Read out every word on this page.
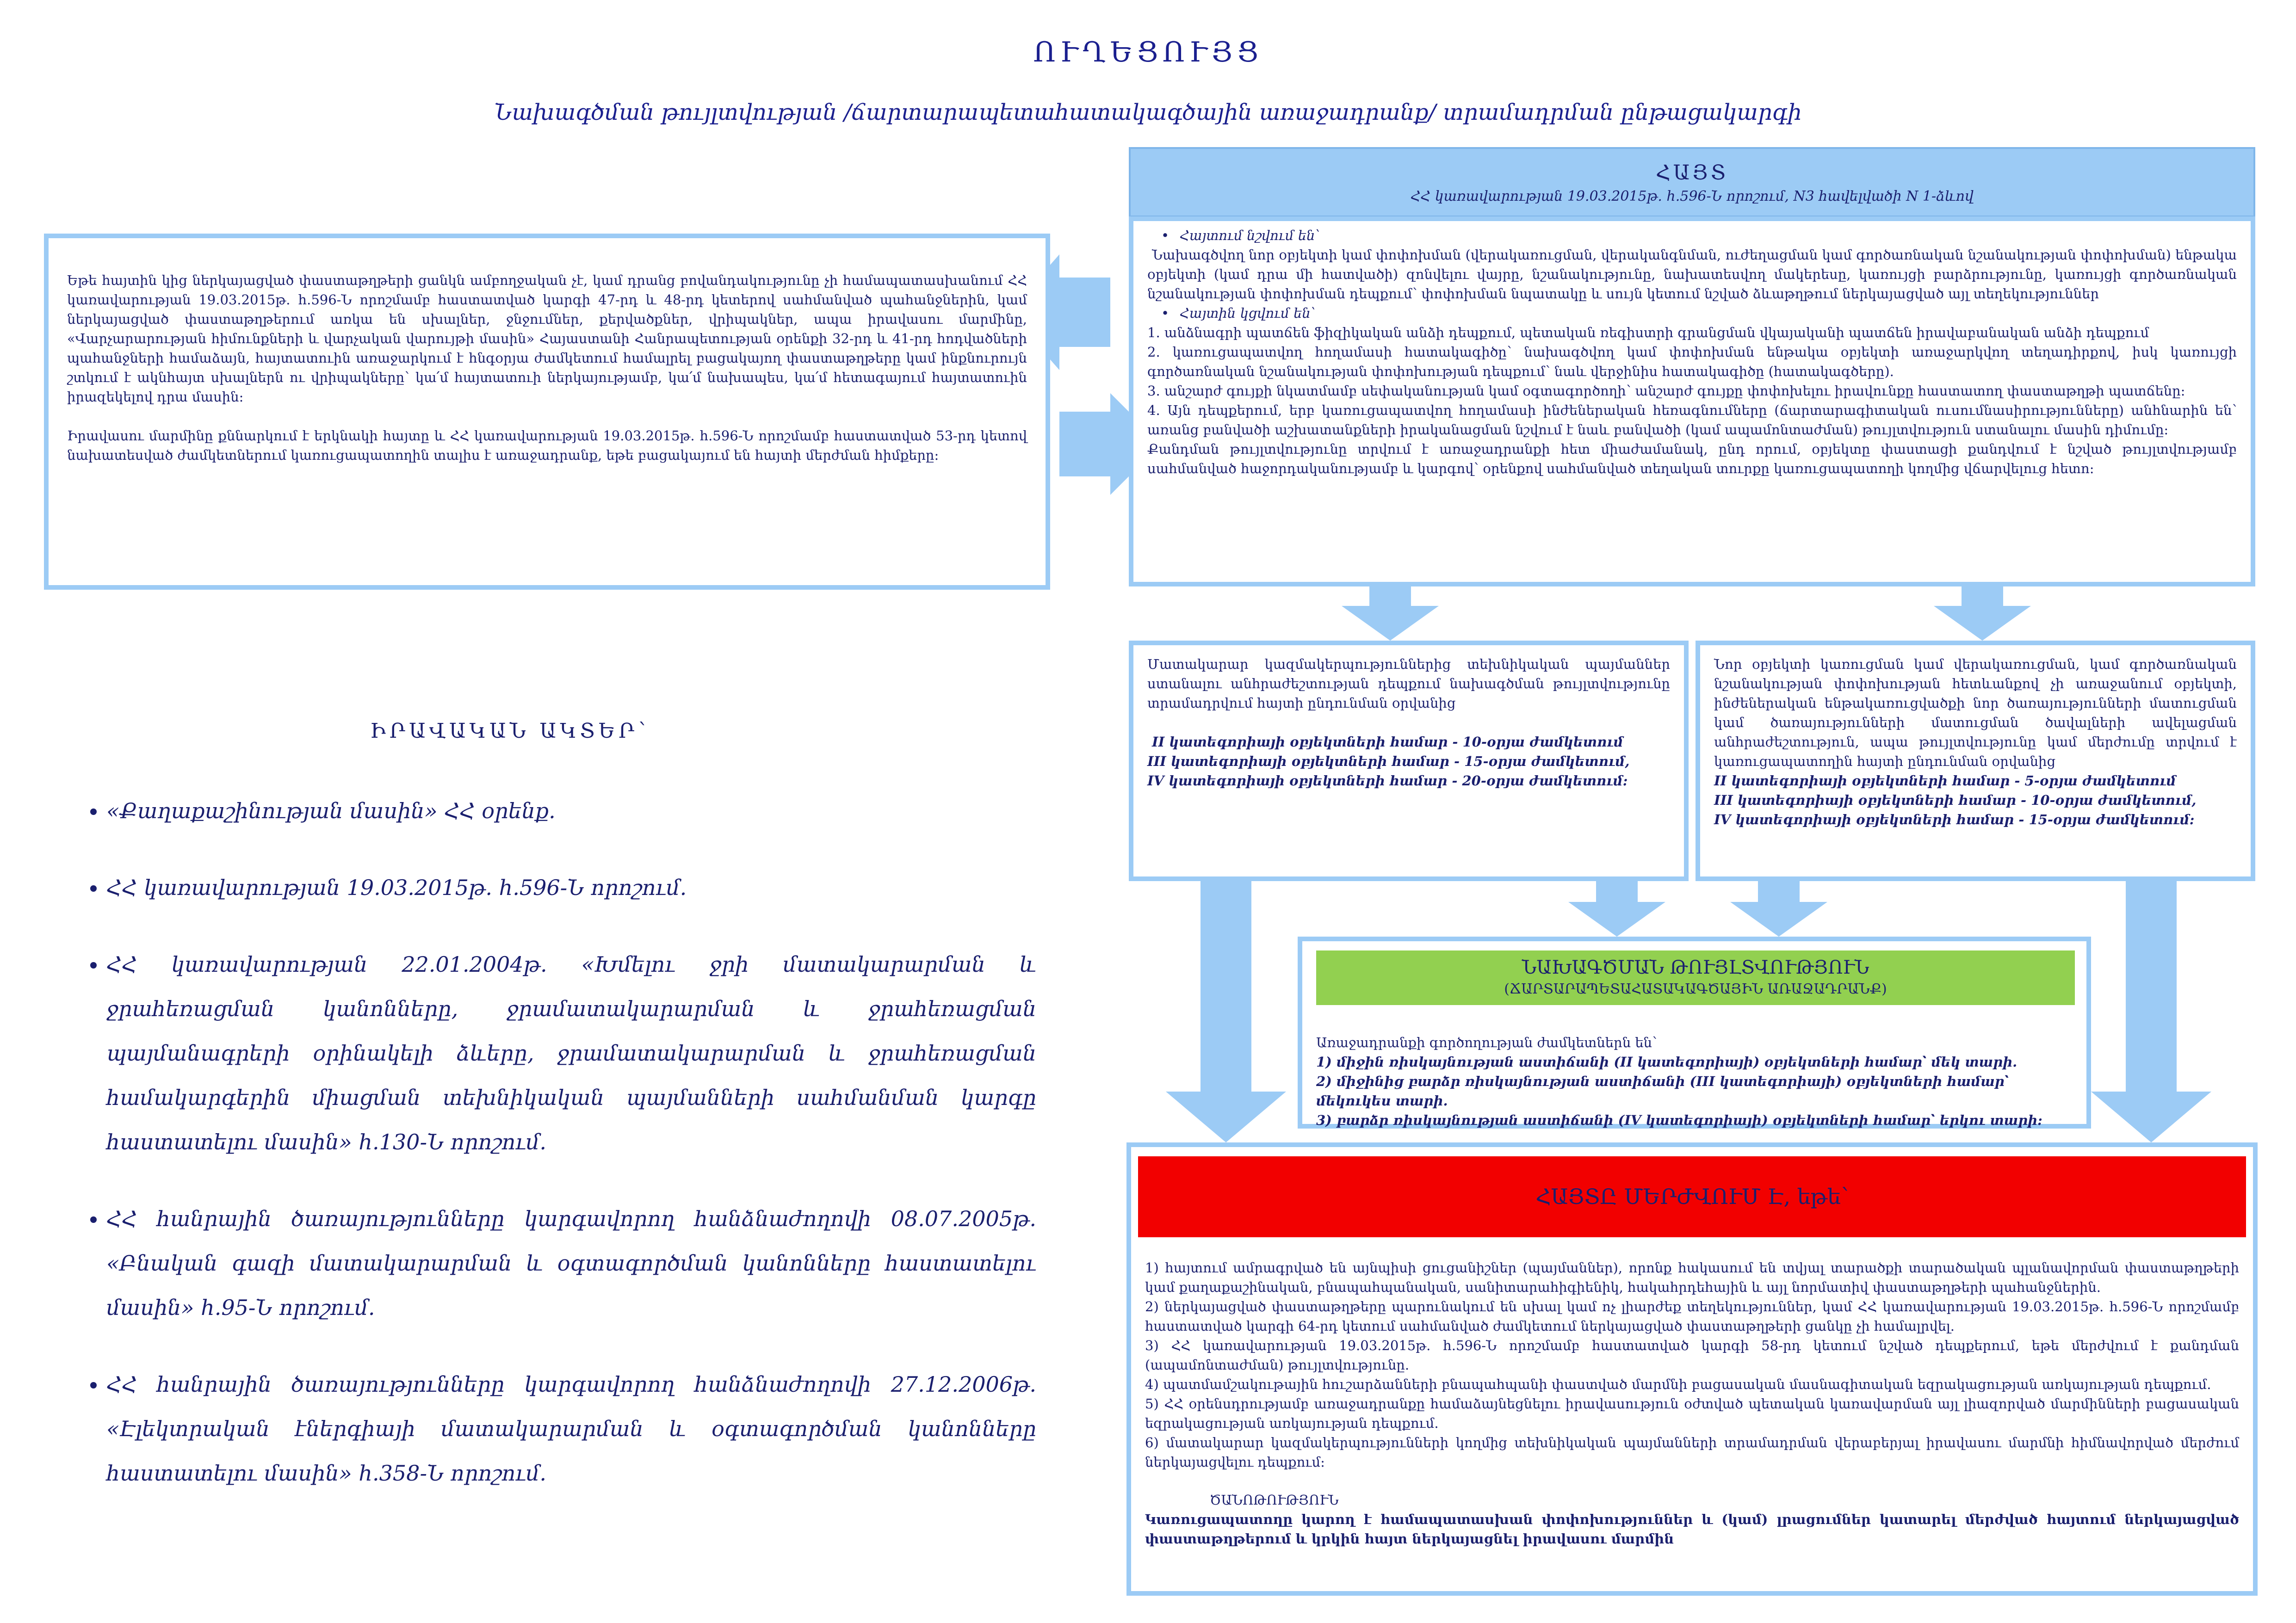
ՈՒՂԵՑՈՒՅՑ
Նախագծման թույլտվության /ճարտարապետահատակագծային առաջադրանք/ տրամադրման ընթացակարգի
Եթե հայտին կից ներկայացված փաստաթղթերի ցանկն ամբողջական չէ, կամ դրանց բովանդակությունը չի համապատասխանում ՀՀ կառավարության 19.03.2015թ. h.596-Ն որոշմամբ հաստատված կարգի 47-րդ և 48-րդ կետերով սահմանված պահանջներին, կամ ներկայացված փաստաթղթերում առկա են սխալներ, ջնջումներ, քերվածքներ, վրիպակներ, ապա իրավասու մարմինը, «Վարչարարության հիմունքների և վարչական վարույթի մասին» Հայաստանի Հանրապետության օրենքի 32-րդ և 41-րդ հոդվածների պահանջների համաձայն, հայտատուին առաջարկում է հնգօրյա ժամկետում համալրել բացակայող փաստաթղթերը կամ ինքնուրույն շտկում է ակնհայտ սխալներն ու վրիպակները՝ կա՛մ հայտատուի ներկայությամբ, կա՛մ նախապես, կա՛մ հետագայում հայտատուին իրազեկելով դրա մասին:
Իրավասու մարմինը քննարկում է երկնակի հայտը և ՀՀ կառավարության 19.03.2015թ. h.596-Ն որոշմամբ հաստատված 53-րդ կետով նախատեսված ժամկետներում կառուցապատողին տալիս է առաջադրանք, եթե բացակայում են հայտի մերժման հիմքերը:
ԻՐԱՎԱԿԱՆ ԱԿՏԵՐ՝
• «Քաղաքաշինության մասին» ՀՀ օրենք.
• ՀՀ կառավարության 19.03.2015թ. h.596-Ն որոշում.
• ՀՀ կառավարության 22.01.2004թ. «Խմելու ջրի մատակարարման և ջրահեռացման կանոնները, ջրամատակարարման և ջրահեռացման պայմանագրերի օրինակելի ձևերը, ջրամատակարարման և ջրահեռացման համակարգերին միացման տեխնիկական պայմանների սահմանման կարգը հաստատելու մասին» h.130-Ն որոշում.
• ՀՀ հանրային ծառայությունները կարգավորող հանձնաժողովի 08.07.2005թ. «Բնական գազի մատակարարման և օգտագործման կանոնները հաստատելու մասին» h.95-Ն որոշում.
• ՀՀ հանրային ծառայությունները կարգավորող հանձնաժողովի 27.12.2006թ. «Էլեկտրական էներգիայի մատակարարման և օգտագործման կանոնները հաստատելու մասին» h.358-Ն որոշում.
ՀԱՅՏ
ՀՀ կառավարության 19.03.2015թ. h.596-Ն որոշում, N3 հավելվածի N 1-ձևով
• Հայտում նշվում են՝
Նախագծվող նոր օբյեկտի կամ փոփոխման (վերակառուցման, վերականգնման, ուժեղացման կամ գործառնական նշանակության փոփոխման) ենթակա օբյեկտի (կամ դրա մի հատվածի) զոնվելու վայրը, նշանակությունը, նախատեսվող մակերեսը, կառույցի բարձրությունը, կառույցի գործառնական նշանակության փոփոխման դեպքում՝ փոփոխման նպատակը և սույն կետում նշված ձևաթղթում ներկայացված այլ տեղեկություններ
• Հայտին կցվում են՝
1. անձնագրի պատճեն ֆիզիկական անձի դեպքում, պետական ռեգիստրի գրանցման վկայականի պատճեն իրավաբանական անձի դեպքում
2. կառուցապատվող հողամասի հատակագիծը՝ նախագծվող կամ փոփոխման ենթակա օբյեկտի առաջարկվող տեղադիրքով, իսկ կառույցի գործառնական նշանակության փոփոխության դեպքում՝ նաև վերջինիս հատակագիծը (հատակագծերը).
3. անշարժ գույքի նկատմամբ սեփականության կամ օգտագործողի՝ անշարժ գույքը փոփոխելու իրավունքը հաստատող փաստաթղթի պատճենը:
4. Այն դեպքերում, երբ կառուցապատվող հողամասի ինժեներական հեռագնումները (ճարտարագիտական ուսումնասիրությունները) անհնարին են՝ առանց բանվածի աշխատանքների իրականացման նշվում է նաև բանվածի (կամ ապամոնտաժման) թույլտվություն ստանալու մասին դիմումը:
Քանդման թույլտվությունը տրվում է առաջադրանքի հետ միաժամանակ, ընդ որում, օբյեկտը փաստացի քանդվում է նշված թույլտվությամբ սահմանված հաջորդականությամբ և կարգով՝ օրենքով սահմանված տեղական տուրքը կառուցապատողի կողմից վճարվելուց հետո:
Մատակարար կազմակերպություններից տեխնիկական պայմաններ ստանալու անհրաժեշտության դեպքում նախագծման թույլտվությունը տրամադրվում հայտի ընդունման օրվանից
II կատեգորիայի օբյեկտների համար - 10-օրյա ժամկետում
III կատեգորիայի օբյեկտների համար - 15-օրյա ժամկետում,
IV կատեգորիայի օբյեկտների համար - 20-օրյա ժամկետում:
Նոր օբյեկտի կառուցման կամ վերակառուցման, կամ գործառնական նշանակության փոփոխության հետևանքով չի առաջանում օբյեկտի, ինժեներական ենթակառուցվածքի նոր ծառայությունների մատուցման կամ ծառայությունների մատուցման ծավալների ավելացման անհրաժեշտություն, ապա թույլտվությունը կամ մերժումը տրվում է կառուցապատողին հայտի ընդունման օրվանից
II կատեգորիայի օբյեկտների համար - 5-օրյա ժամկետում
III կատեգորիայի օբյեկտների համար - 10-օրյա ժամկետում,
IV կատեգորիայի օբյեկտների համար - 15-օրյա ժամկետում:
ՆԱԽԱԳԾՄԱՆ ԹՈՒՅԼՏՎՈՒԹՅՈՒՆ
(ՃԱՐՏԱՐԱՊԵՏԱՀԱՏԱԿԱԳԾԱՅԻՆ ԱՌԱՋԱԴՐԱՆՔ)
Առաջադրանքի գործողության ժամկետներն են՝
1) միջին ռիսկայնության աստիճանի (II կատեգորիայի) օբյեկտների համար՝ մեկ տարի.
2) միջինից բարձր ռիսկայնության աստիճանի (III կատեգորիայի) օբյեկտների համար՝ մեկուկես տարի.
3) բարձր ռիսկայնության աստիճանի (IV կատեգորիայի) օբյեկտների համար՝ երկու տարի:
ՀԱՅՏԸ ՄԵՐԺՎՈՒՄ Է, եթե՝
1) հայտում ամրագրված են այնպիսի ցուցանիշներ (պայմաններ), որոնք հակասում են տվյալ տարածքի տարածական պլանավորման փաստաթղթերի կամ քաղաքաշինական, բնապահպանական, սանիտարահիգիենիկ, հակահրդեհային և այլ նորմատիվ փաստաթղթերի պահանջներին.
2) ներկայացված փաստաթղթերը պարունակում են սխալ կամ ոչ լիարժեք տեղեկություններ, կամ ՀՀ կառավարության 19.03.2015թ. h.596-Ն որոշմամբ հաստատված կարգի 64-րդ կետում սահմանված ժամկետում ներկայացված փաստաթղթերի ցանկը չի համալրվել.
3) ՀՀ կառավարության 19.03.2015թ. h.596-Ն որոշմամբ հաստատված կարգի 58-րդ կետում նշված դեպքերում, եթե մերժվում է քանդման (ապամոնտաժման) թույլտվությունը.
4) պատմամշակութային հուշարձանների բնապահպանի փաստված մարմնի բացասական մասնագիտական եզրակացության առկայության դեպքում.
5) ՀՀ օրենսդրությամբ առաջադրանքը համաձայնեցնելու իրավասություն օժտված պետական կառավարման այլ լիազորված մարմինների բացասական եզրակացության առկայության դեպքում.
6) մատակարար կազմակերպությունների կողմից տեխնիկական պայմանների տրամադրման վերաբերյալ իրավասու մարմնի հիմնավորված մերժում ներկայացվելու դեպքում:
ԾԱՆՈԹՈՒԹՅՈՒՆ
Կառուցապատողը կարող է համապատասխան փոփոխություններ և (կամ) լրացումներ կատարել մերժված հայտում ներկայացված փաստաթղթերում և կրկին հայտ ներկայացնել իրավասու մարմին
